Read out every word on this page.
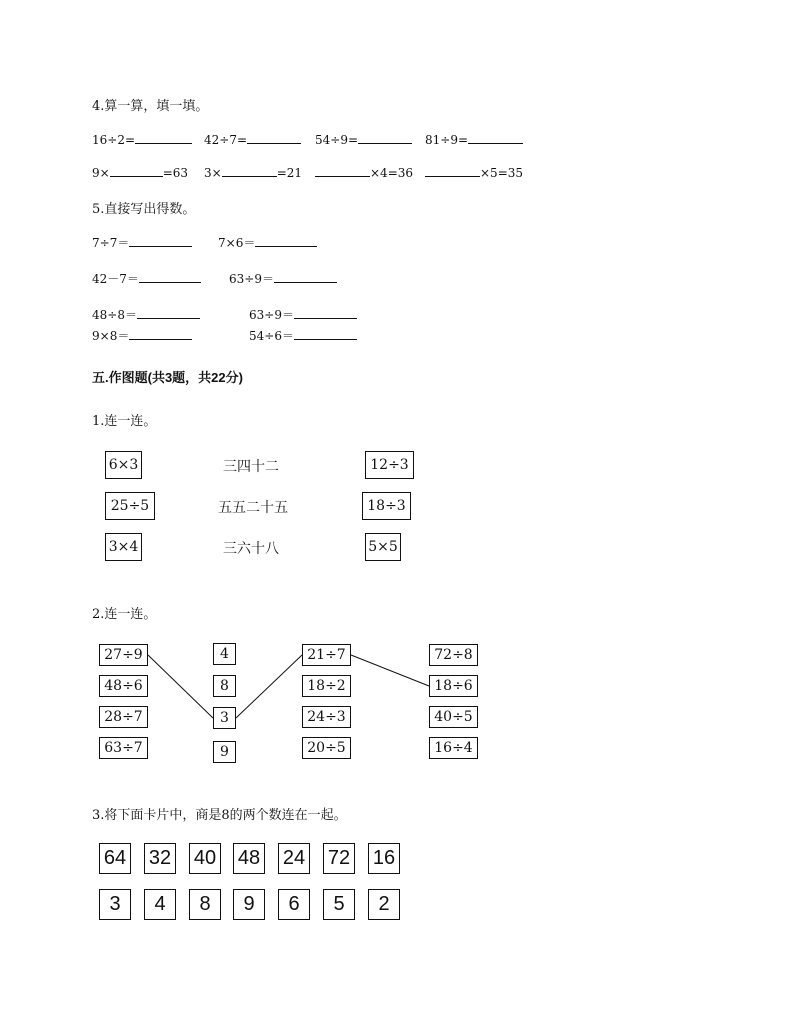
4.算一算，填一填。
16÷2=	42÷7=	54÷9=	81÷9=
9×	=63 3×	=21	×4=36	×5=35
5.直接写出得数。
7÷7＝	7×6＝
42－7＝	63÷9＝
48÷8＝	63÷9＝
9×8＝	54÷6＝
五.作图题(共3题，共22分)
1.连一连。
6×3
25÷5
3×4
三四十二
五五二十五
三六十八
12÷3
18÷3
5×5
2.连一连。
27÷9
48÷6
28÷7
63÷7
4
8
3
9
21÷7
18÷2
24÷3
20÷5
72÷8
18÷6
40÷5
16÷4
3.将下面卡片中，商是8的两个数连在一起。
64 32 40 48 24 72 16
3	4	8	9	6	5	2
